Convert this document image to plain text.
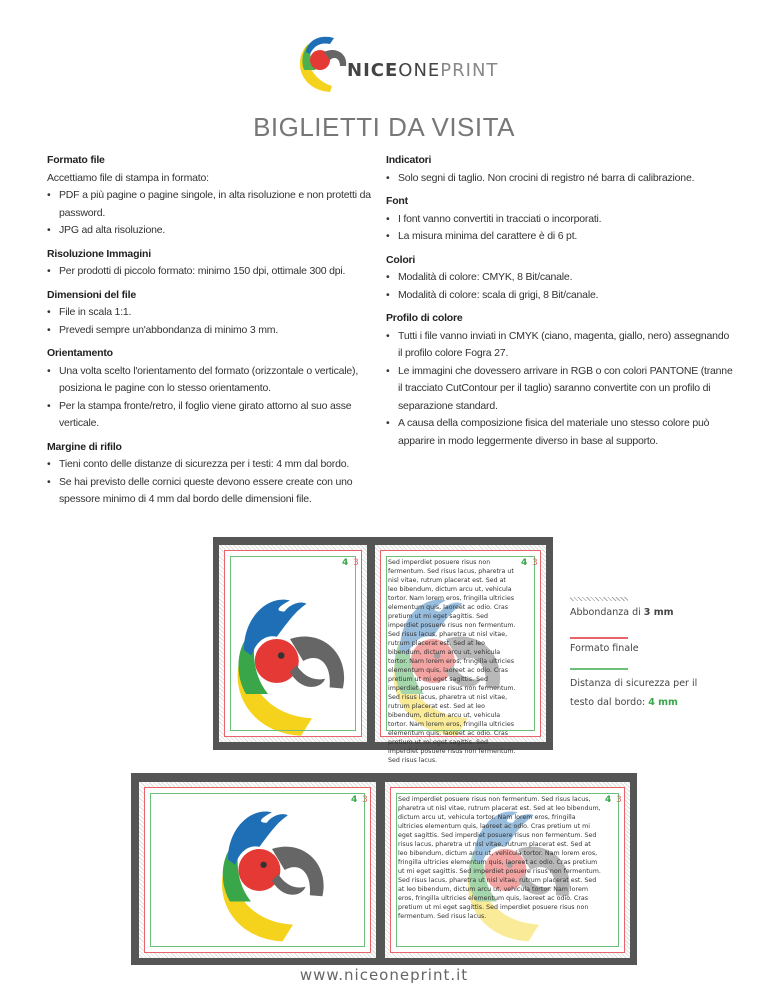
NICEONEPRINT
BIGLIETTI DA VISITA
Formato file
Accettiamo file di stampa in formato:
• PDF a più pagine o pagine singole, in alta risoluzione e non protetti da password.
• JPG ad alta risoluzione.
Risoluzione Immagini
• Per prodotti di piccolo formato: minimo 150 dpi, ottimale 300 dpi.
Dimensioni del file
• File in scala 1:1.
• Prevedi sempre un'abbondanza di minimo 3 mm.
Orientamento
• Una volta scelto l'orientamento del formato (orizzontale o verticale), posiziona le pagine con lo stesso orientamento.
• Per la stampa fronte/retro, il foglio viene girato attorno al suo asse verticale.
Margine di rifilo
• Tieni conto delle distanze di sicurezza per i testi: 4 mm dal bordo.
• Se hai previsto delle cornici queste devono essere create con uno spessore minimo di 4 mm dal bordo delle dimensioni file.
Indicatori
• Solo segni di taglio. Non crocini di registro né barra di calibrazione.
Font
• I font vanno convertiti in tracciati o incorporati.
• La misura minima del carattere è di 6 pt.
Colori
• Modalità di colore: CMYK, 8 Bit/canale.
• Modalità di colore: scala di grigi, 8 Bit/canale.
Profilo di colore
• Tutti i file vanno inviati in CMYK (ciano, magenta, giallo, nero) assegnando il profilo colore Fogra 27.
• Le immagini che dovessero arrivare in RGB o con colori PANTONE (tranne il tracciato CutContour per il taglio) saranno convertite con un profilo di separazione standard.
• A causa della composizione fisica del materiale uno stesso colore può apparire in modo leggermente diverso in base al supporto.
4 3	Sed imperdiet posuere risus non fermentum. Sed risus lacus, pharetra ut nisl vitae, rutrum placerat est. Sed at leo bibendum, dictum arcu ut, vehicula tortor. Nam lorem eros, fringilla ultricies elementum quis, laoreet ac odio. Cras pretium ut mi eget sagittis. Sed imperdiet posuere risus non fermentum. Sed risus lacus, pharetra ut nisl vitae, rutrum placerat est. Sed at leo bibendum, dictum arcu ut, vehicula tortor. Nam lorem eros, fringilla ultricies elementum quis, laoreet ac odio. Cras pretium ut mi eget sagittis. Sed imperdiet posuere risus non fermentum. Sed risus lacus, pharetra ut nisl vitae, rutrum placerat est. Sed at leo bibendum, dictum arcu ut, vehicula tortor. Nam lorem eros, fringilla ultricies elementum quis, laoreet ac odio. Cras pretium ut mi eget sagittis. Sed imperdiet posuere risus non fermentum. Sed risus lacus.
4 3
4 3	Sed imperdiet posuere risus non fermentum. Sed risus lacus, pharetra ut nisl vitae, rutrum placerat est. Sed at leo bibendum, dictum arcu ut, vehicula tortor. Nam lorem eros, fringilla ultricies elementum quis, laoreet ac odio. Cras pretium ut mi eget sagittis. Sed imperdiet posuere risus non fermentum. Sed risus lacus, pharetra ut nisl vitae, rutrum placerat est. Sed at leo bibendum, dictum arcu ut, vehicula tortor. Nam lorem eros, fringilla ultricies elementum quis, laoreet ac odio. Cras pretium ut mi eget sagittis. Sed imperdiet posuere risus non fermentum. Sed risus lacus, pharetra ut nisl vitae, rutrum placerat est. Sed at leo bibendum, dictum arcu ut, vehicula tortor. Nam lorem eros, fringilla ultricies elementum quis, laoreet ac odio. Cras pretium ut mi eget sagittis. Sed imperdiet posuere risus non fermentum. Sed risus lacus.
4 3
Abbondanza di 3 mm
Formato finale
Distanza di sicurezza per il
testo dal bordo: 4 mm
www.niceoneprint.it
